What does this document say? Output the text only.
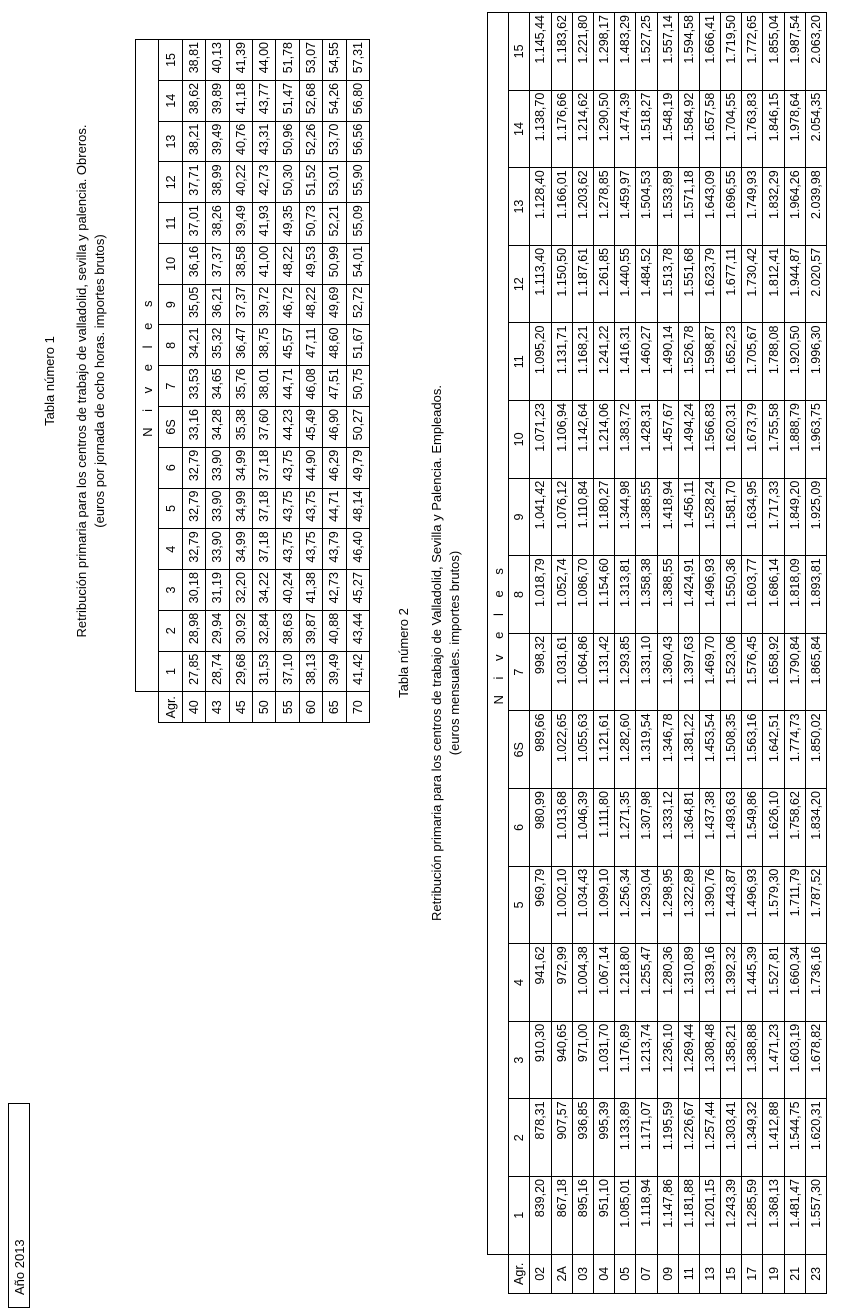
Año 2013
Tabla número 1 Retribución primaria para los centros de trabajo de valladolid, sevilla y palencia. Obreros. (euros por jornada de ocho horas. importes brutos)
		N i v e l e s															
Agr.	1	2	3	4	5	6	6S	7	8	9	10	11	12	13	14	15
40	27,85	28,98	30,18	32,79	32,79	32,79	33,16	33,53	34,21	35,05	36,16	37,01	37,71	38,21	38,62	38,81
43	28,74	29,94	31,19	33,90	33,90	33,90	34,28	34,65	35,32	36,21	37,37	38,26	38,99	39,49	39,89	40,13
45	29,68	30,92	32,20	34,99	34,99	34,99	35,38	35,76	36,47	37,37	38,58	39,49	40,22	40,76	41,18	41,39
50	31,53	32,84	34,22	37,18	37,18	37,18	37,60	38,01	38,75	39,72	41,00	41,93	42,73	43,31	43,77	44,00
55	37,10	38,63	40,24	43,75	43,75	43,75	44,23	44,71	45,57	46,72	48,22	49,35	50,30	50,96	51,47	51,78
60	38,13	39,87	41,38	43,75	43,75	44,90	45,49	46,08	47,11	48,22	49,53	50,73	51,52	52,26	52,68	53,07
65	39,49	40,88	42,73	43,79	44,71	46,29	46,90	47,51	48,60	49,69	50,99	52,21	53,01	53,70	54,26	54,55
70	41,42	43,44	45,27	46,40	48,14	49,79	50,27	50,75	51,67	52,72	54,01	55,09	55,90	56,56	56,80	57,31
Tabla número 2 Retribución primaria para los centros de trabajo de Valladolid, Sevilla y Palencia. Empleados. (euros mensuales. importes brutos)
	N i v e l e s															
Agr.	1	2	3	4	5	6	6S	7	8	9	10	11	12	13	14	15
02	839,20	878,31	910,30	941,62	969,79	980,99	989,66	998,32	1.018,79	1.041,42	1.071,23	1.095,20	1.113,40	1.128,40	1.138,70	1.145,44
2A	867,18	907,57	940,65	972,99	1.002,10	1.013,68	1.022,65	1.031,61	1.052,74	1.076,12	1.106,94	1.131,71	1.150,50	1.166,01	1.176,66	1.183,62
03	895,16	936,85	971,00	1.004,38	1.034,43	1.046,39	1.055,63	1.064,86	1.086,70	1.110,84	1.142,64	1.168,21	1.187,61	1.203,62	1.214,62	1.221,80
04	951,10	995,39	1.031,70	1.067,14	1.099,10	1.111,80	1.121,61	1.131,42	1.154,60	1.180,27	1.214,06	1.241,22	1.261,85	1.278,85	1.290,50	1.298,17
05	1.085,01	1.133,89	1.176,89	1.218,80	1.256,34	1.271,35	1.282,60	1.293,85	1.313,81	1.344,98	1.383,72	1.416,31	1.440,55	1.459,97	1.474,39	1.483,29
07	1.118,94	1.171,07	1.213,74	1.255,47	1.293,04	1.307,98	1.319,54	1.331,10	1.358,38	1.388,55	1.428,31	1.460,27	1.484,52	1.504,53	1.518,27	1.527,25
09	1.147,86	1.195,59	1.236,10	1.280,36	1.298,95	1.333,12	1.346,78	1.360,43	1.388,55	1.418,94	1.457,67	1.490,14	1.513,78	1.533,89	1.548,19	1.557,14
11	1.181,88	1.226,67	1.269,44	1.310,89	1.322,89	1.364,81	1.381,22	1.397,63	1.424,91	1.456,11	1.494,24	1.526,78	1.551,68	1.571,18	1.584,92	1.594,58
13	1.201,15	1.257,44	1.308,48	1.339,16	1.390,76	1.437,38	1.453,54	1.469,70	1.496,93	1.528,24	1.566,83	1.598,87	1.623,79	1.643,09	1.657,58	1.666,41
15	1.243,39	1.303,41	1.358,21	1.392,32	1.443,87	1.493,63	1.508,35	1.523,06	1.550,36	1.581,70	1.620,31	1.652,23	1.677,11	1.696,55	1.704,55	1.719,50
17	1.285,59	1.349,32	1.388,88	1.445,39	1.496,93	1.549,86	1.563,16	1.576,45	1.603,77	1.634,95	1.673,79	1.705,67	1.730,42	1.749,93	1.763,83	1.772,65
19	1.368,13	1.412,88	1.471,23	1.527,81	1.579,30	1.626,10	1.642,51	1.658,92	1.686,14	1.717,33	1.755,58	1.788,08	1.812,41	1.832,29	1.846,15	1.855,04
21	1.481,47	1.544,75	1.603,19	1.660,34	1.711,79	1.758,62	1.774,73	1.790,84	1.818,09	1.849,20	1.888,79	1.920,50	1.944,87	1.964,26	1.978,64	1.987,54
23	1.557,30	1.620,31	1.678,82	1.736,16	1.787,52	1.834,20	1.850,02	1.865,84	1.893,81	1.925,09	1.963,75	1.996,30	2.020,57	2.039,98	2.054,35	2.063,20
